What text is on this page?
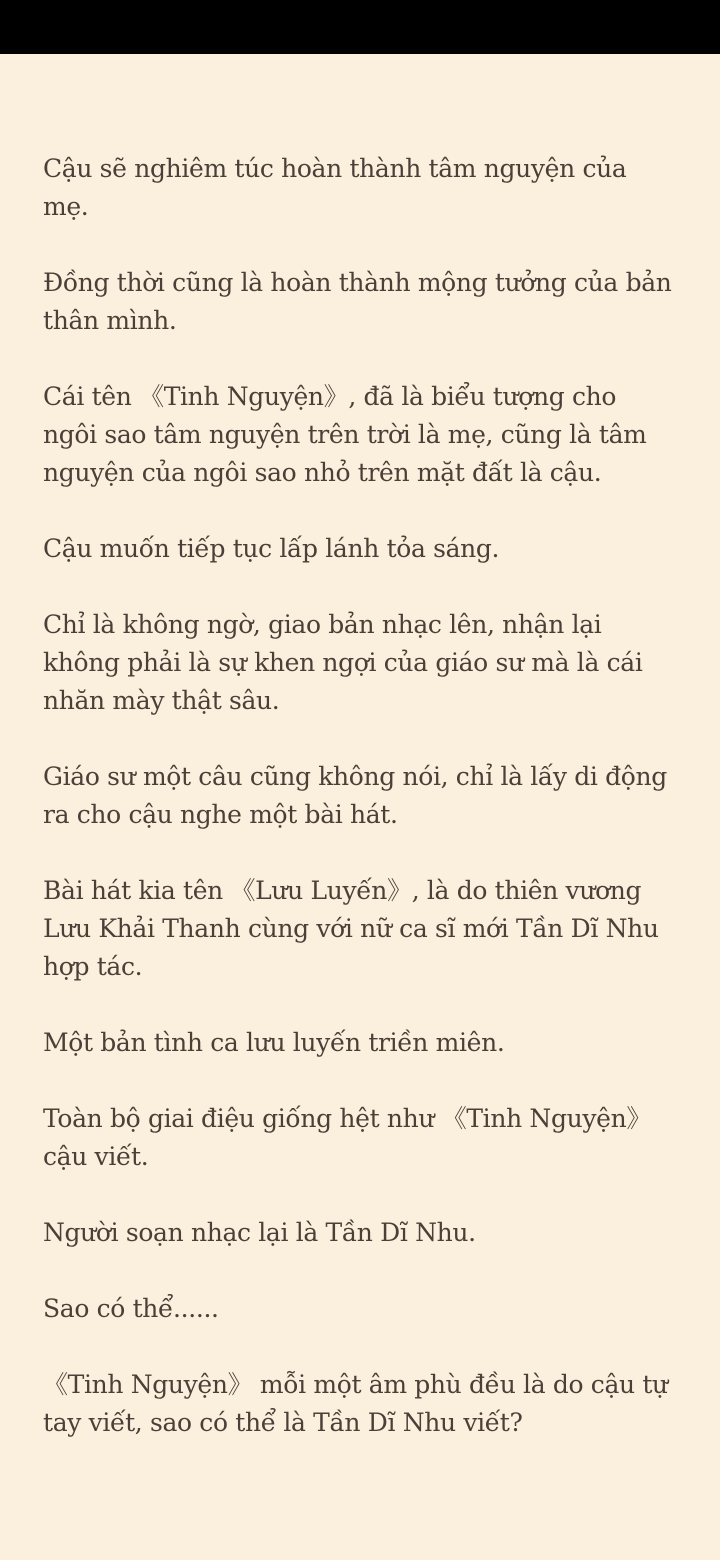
Cậu sẽ nghiêm túc hoàn thành tâm nguyện của mẹ.

Đồng thời cũng là hoàn thành mộng tưởng của bản thân mình.

Cái tên 《Tinh Nguyện》, đã là biểu tượng cho ngôi sao tâm nguyện trên trời là mẹ, cũng là tâm nguyện của ngôi sao nhỏ trên mặt đất là cậu.

Cậu muốn tiếp tục lấp lánh tỏa sáng.

Chỉ là không ngờ, giao bản nhạc lên, nhận lại không phải là sự khen ngợi của giáo sư mà là cái nhăn mày thật sâu.

Giáo sư một câu cũng không nói, chỉ là lấy di động ra cho cậu nghe một bài hát.

Bài hát kia tên 《Lưu Luyến》, là do thiên vương Lưu Khải Thanh cùng với nữ ca sĩ mới Tần Dĩ Nhu hợp tác.

Một bản tình ca lưu luyến triền miên.

Toàn bộ giai điệu giống hệt như 《Tinh Nguyện》 cậu viết.

Người soạn nhạc lại là Tần Dĩ Nhu.

Sao có thể......

《Tinh Nguyện》 mỗi một âm phù đều là do cậu tự tay viết, sao có thể là Tần Dĩ Nhu viết?
